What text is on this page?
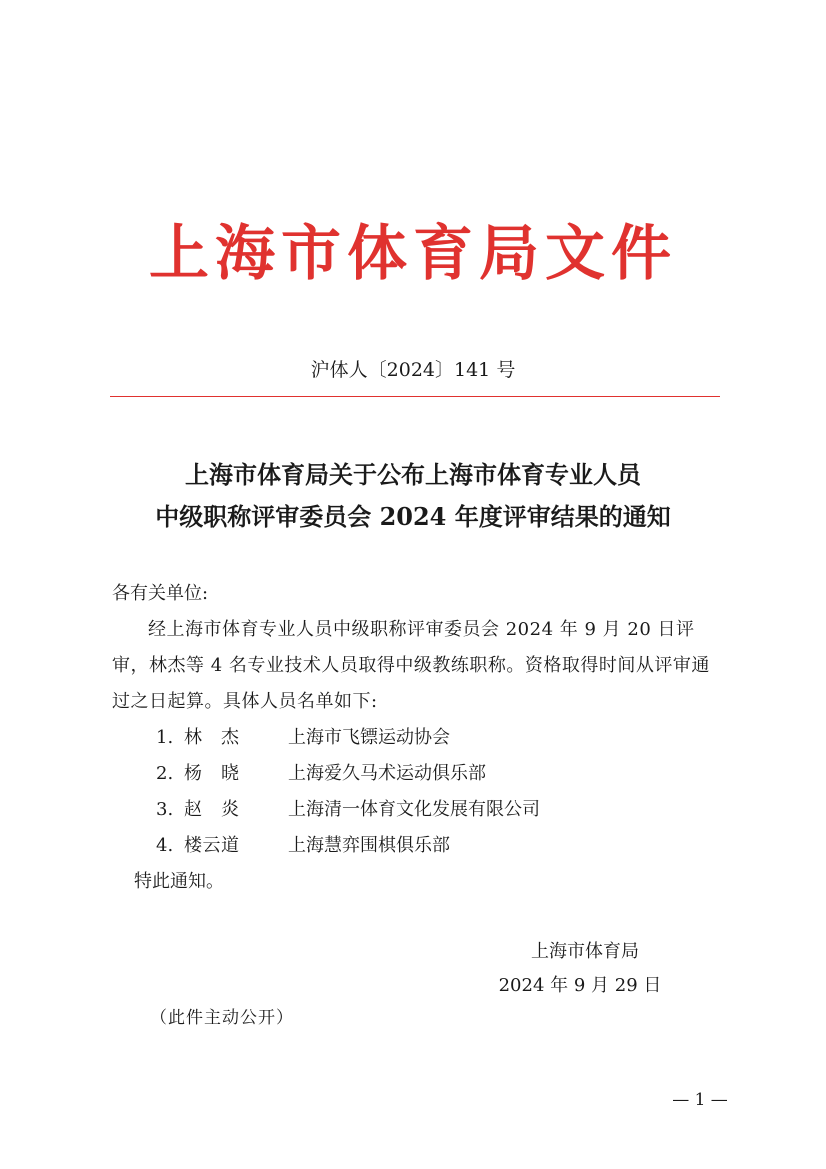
上海市体育局文件
沪体人〔2024〕141 号
上海市体育局关于公布上海市体育专业人员
中级职称评审委员会 2024 年度评审结果的通知
各有关单位:
经上海市体育专业人员中级职称评审委员会 2024 年 9 月 20 日评审，林杰等 4 名专业技术人员取得中级教练职称。资格取得时间从评审通过之日起算。具体人员名单如下:
1. 林　杰	上海市飞镖运动协会
2. 杨　晓	上海爱久马术运动俱乐部
3. 赵　炎	上海清一体育文化发展有限公司
4. 楼云道	上海慧弈围棋俱乐部
特此通知。
上海市体育局
2024 年 9 月 29 日
（此件主动公开）
— 1 —
